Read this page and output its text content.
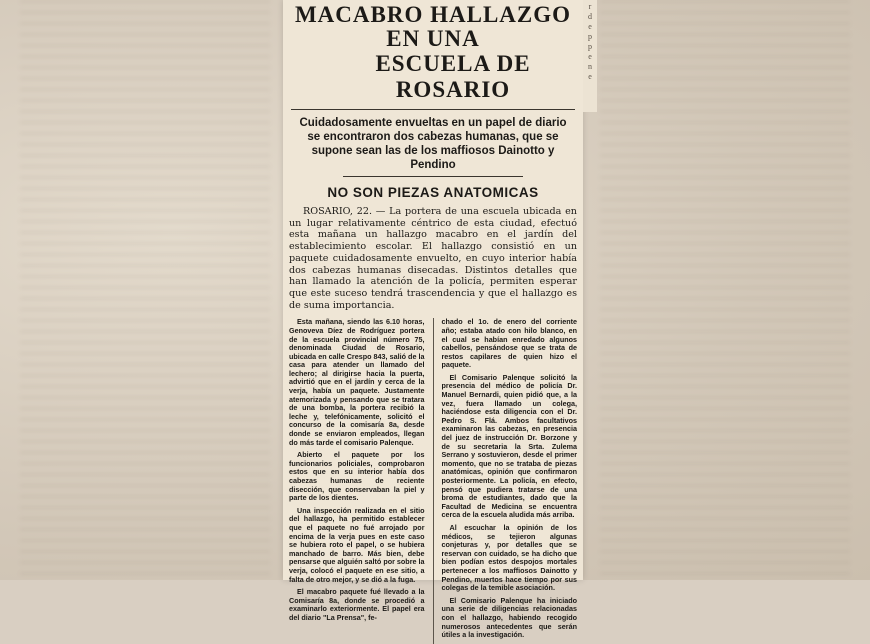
MACABRO HALLAZGO EN UNA
ESCUELA DE ROSARIO
Cuidadosamente envueltas en un papel de diario se encontraron dos cabezas humanas, que se supone sean las de los maffiosos Dainotto y Pendino
NO SON PIEZAS ANATOMICAS

ROSARIO, 22. — La portera de una escuela ubicada en un lugar relativamente céntrico de esta ciudad, efectuó esta mañana un hallazgo macabro en el jardín del establecimiento escolar. El hallazgo consistió en un paquete cuidadosamente envuelto, en cuyo interior había dos cabezas humanas disecadas. Distintos detalles que han llamado la atención de la policía, permiten esperar que este suceso tendrá trascendencia y que el hallazgo es de suma importancia.

Esta mañana, siendo las 6.10 horas, Genoveva Díez de Rodríguez portera de la escuela provincial número 75, denominada Ciudad de Rosario, ubicada en calle Crespo 843, salió de la casa para atender un llamado del lechero; al dirigirse hacia la puerta, advirtió que en el jardín y cerca de la verja, había un paquete. Justamente atemorizada y pensando que se tratara de una bomba, la portera recibió la leche y, telefónicamente, solicitó el concurso de la comisaría 8a, desde donde se enviaron empleados, llegan do más tarde el comisario Palenque.

Abierto el paquete por los funcionarios policiales, comprobaron estos que en su interior había dos cabezas humanas de reciente disección, que conservaban la piel y parte de los dientes.

Una inspección realizada en el sitio del hallazgo, ha permitido establecer que el paquete no fué arrojado por encima de la verja pues en este caso se hubiera roto el papel, o se hubiera manchado de barro. Más bien, debe pensarse que alguién saltó por sobre la verja, colocó el paquete en ese sitio, a falta de otro mejor, y se dió a la fuga.

El macabro paquete fué llevado a la Comisaría 8a, donde se procedió a examinarlo exteriormente. El papel era del diario "La Prensa", fe-

chado el 1o. de enero del corriente año; estaba atado con hilo blanco, en el cual se habían enredado algunos cabellos, pensándose que se trata de restos capilares de quien hizo el paquete.

El Comisario Palenque solicitó la presencia del médico de policía Dr. Manuel Bernardi, quien pidió que, a la vez, fuera llamado un colega, haciéndose esta diligencia con el Dr. Pedro S. Flá. Ambos facultativos examinaron las cabezas, en presencia del juez de instrucción Dr. Borzone y de su secretaria la Srta. Zulema Serrano y sostuvieron, desde el primer momento, que no se trataba de piezas anatómicas, opinión que confirmaron posteriormente. La policía, en efecto, pensó que pudiera tratarse de una broma de estudiantes, dado que la Facultad de Medicina se encuentra cerca de la escuela aludida más arriba.

Al escuchar la opinión de los médicos, se tejieron algunas conjeturas y, por detalles que se reservan con cuidado, se ha dicho que bien podían estos despojos mortales pertenecer a los maffiosos Dainotto y Pendino, muertos hace tiempo por sus colegas de la temible asociación.

El Comisario Palenque ha iniciado una serie de diligencias relacionadas con el hallazgo, habiendo recogido numerosos antecedentes que serán útiles a la investigación.

r
d
e
p
p
e
n
e
